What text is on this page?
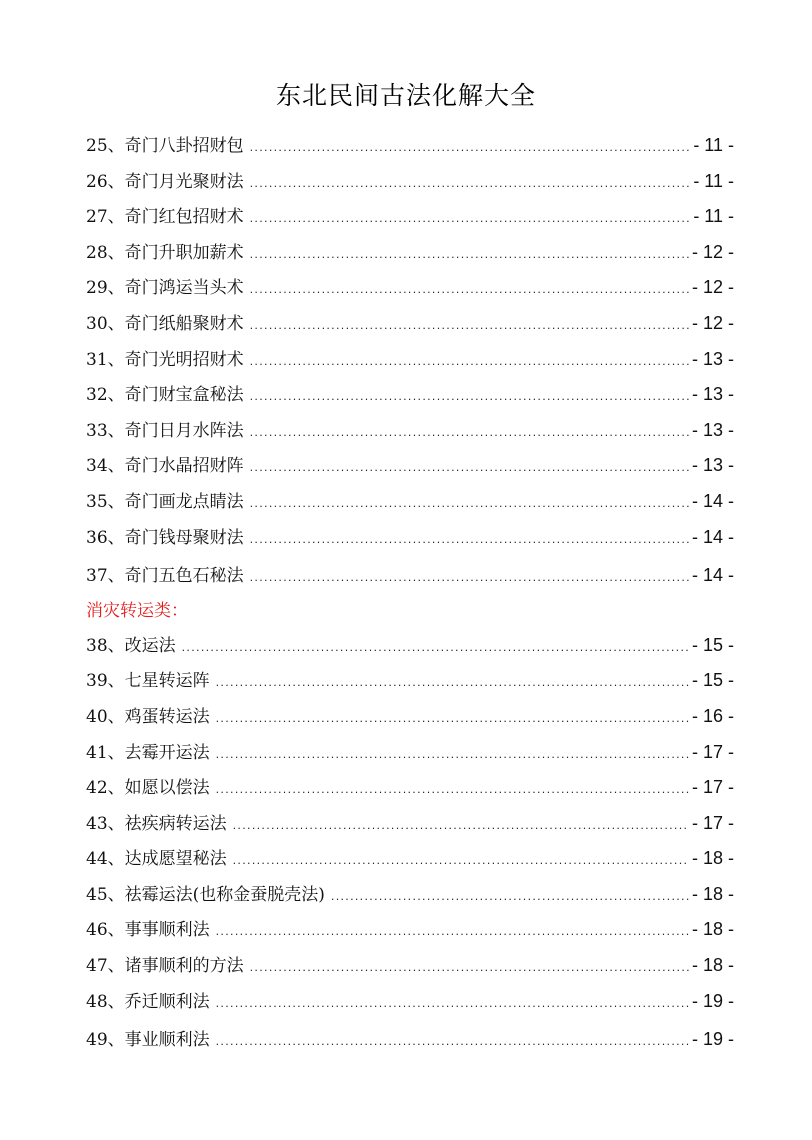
东北民间古法化解大全
25、 奇门八卦招财包 .....	- 11 -
26、 奇门月光聚财法 .....	- 11 -
27、 奇门红包招财术 .....	- 11 -
28、 奇门升职加薪术 .....	- 12 -
29、 奇门鸿运当头术 .....	- 12 -
30、 奇门纸船聚财术 .....	- 12 -
31、 奇门光明招财术 .....	- 13 -
32、 奇门财宝盒秘法 .....	- 13 -
33、 奇门日月水阵法 .....	- 13 -
34、 奇门水晶招财阵 .....	- 13 -
35、 奇门画龙点睛法 .....	- 14 -
36、 奇门钱母聚财法 .....	- 14 -
37、 奇门五色石秘法 .....	- 14 -
消灾转运类：
38、 改运法 .....	- 15 -
39、 七星转运阵 .....	- 15 -
40、 鸡蛋转运法 .....	- 16 -
41、 去霉开运法 .....	- 17 -
42、 如愿以偿法 .....	- 17 -
43、 祛疾病转运法 .....	- 17 -
44、 达成愿望秘法 .....	- 18 -
45、 祛霉运法(也称金蚕脱壳法) .....	- 18 -
46、 事事顺利法 .....	- 18 -
47、 诸事顺利的方法 .....	- 18 -
48、 乔迁顺利法 .....	- 19 -
49、 事业顺利法 .....	- 19 -
